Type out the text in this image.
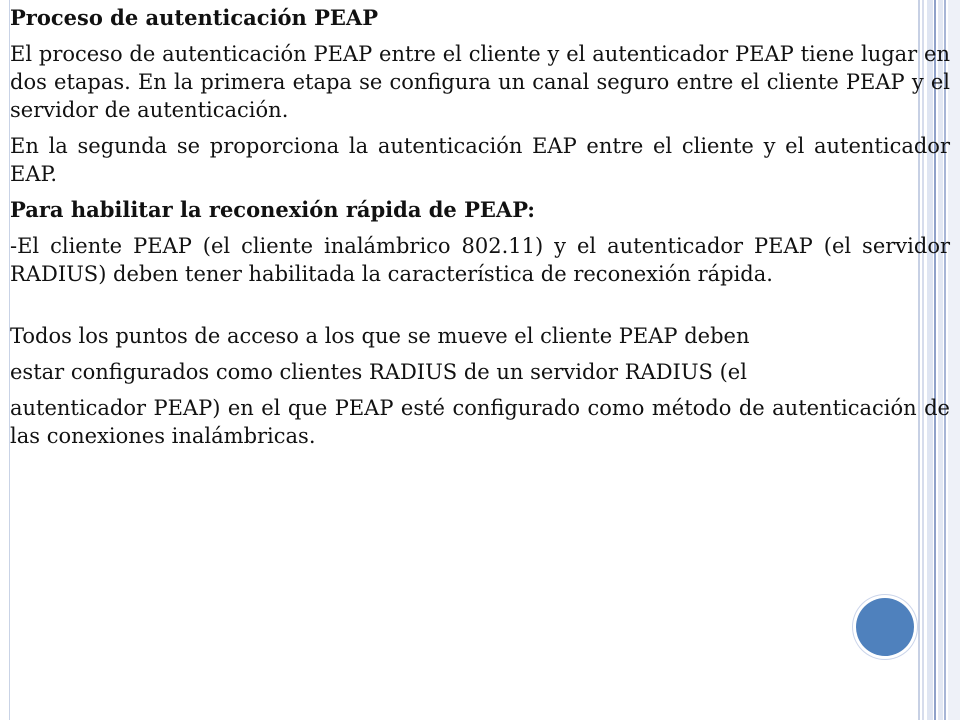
Proceso de autenticación PEAP

El proceso de autenticación PEAP entre el cliente y el autenticador PEAP tiene lugar en dos etapas. En la primera etapa se configura un canal seguro entre el cliente PEAP y el servidor de autenticación.

En la segunda se proporciona la autenticación EAP entre el cliente y el autenticador EAP.

Para habilitar la reconexión rápida de PEAP:

-El cliente PEAP (el cliente inalámbrico 802.11) y el autenticador PEAP (el servidor RADIUS) deben tener habilitada la característica de reconexión rápida.

Todos los puntos de acceso a los que se mueve el cliente PEAP deben
estar configurados como clientes RADIUS de un servidor RADIUS (el
autenticador PEAP) en el que PEAP esté configurado como método de autenticación de las conexiones inalámbricas.
